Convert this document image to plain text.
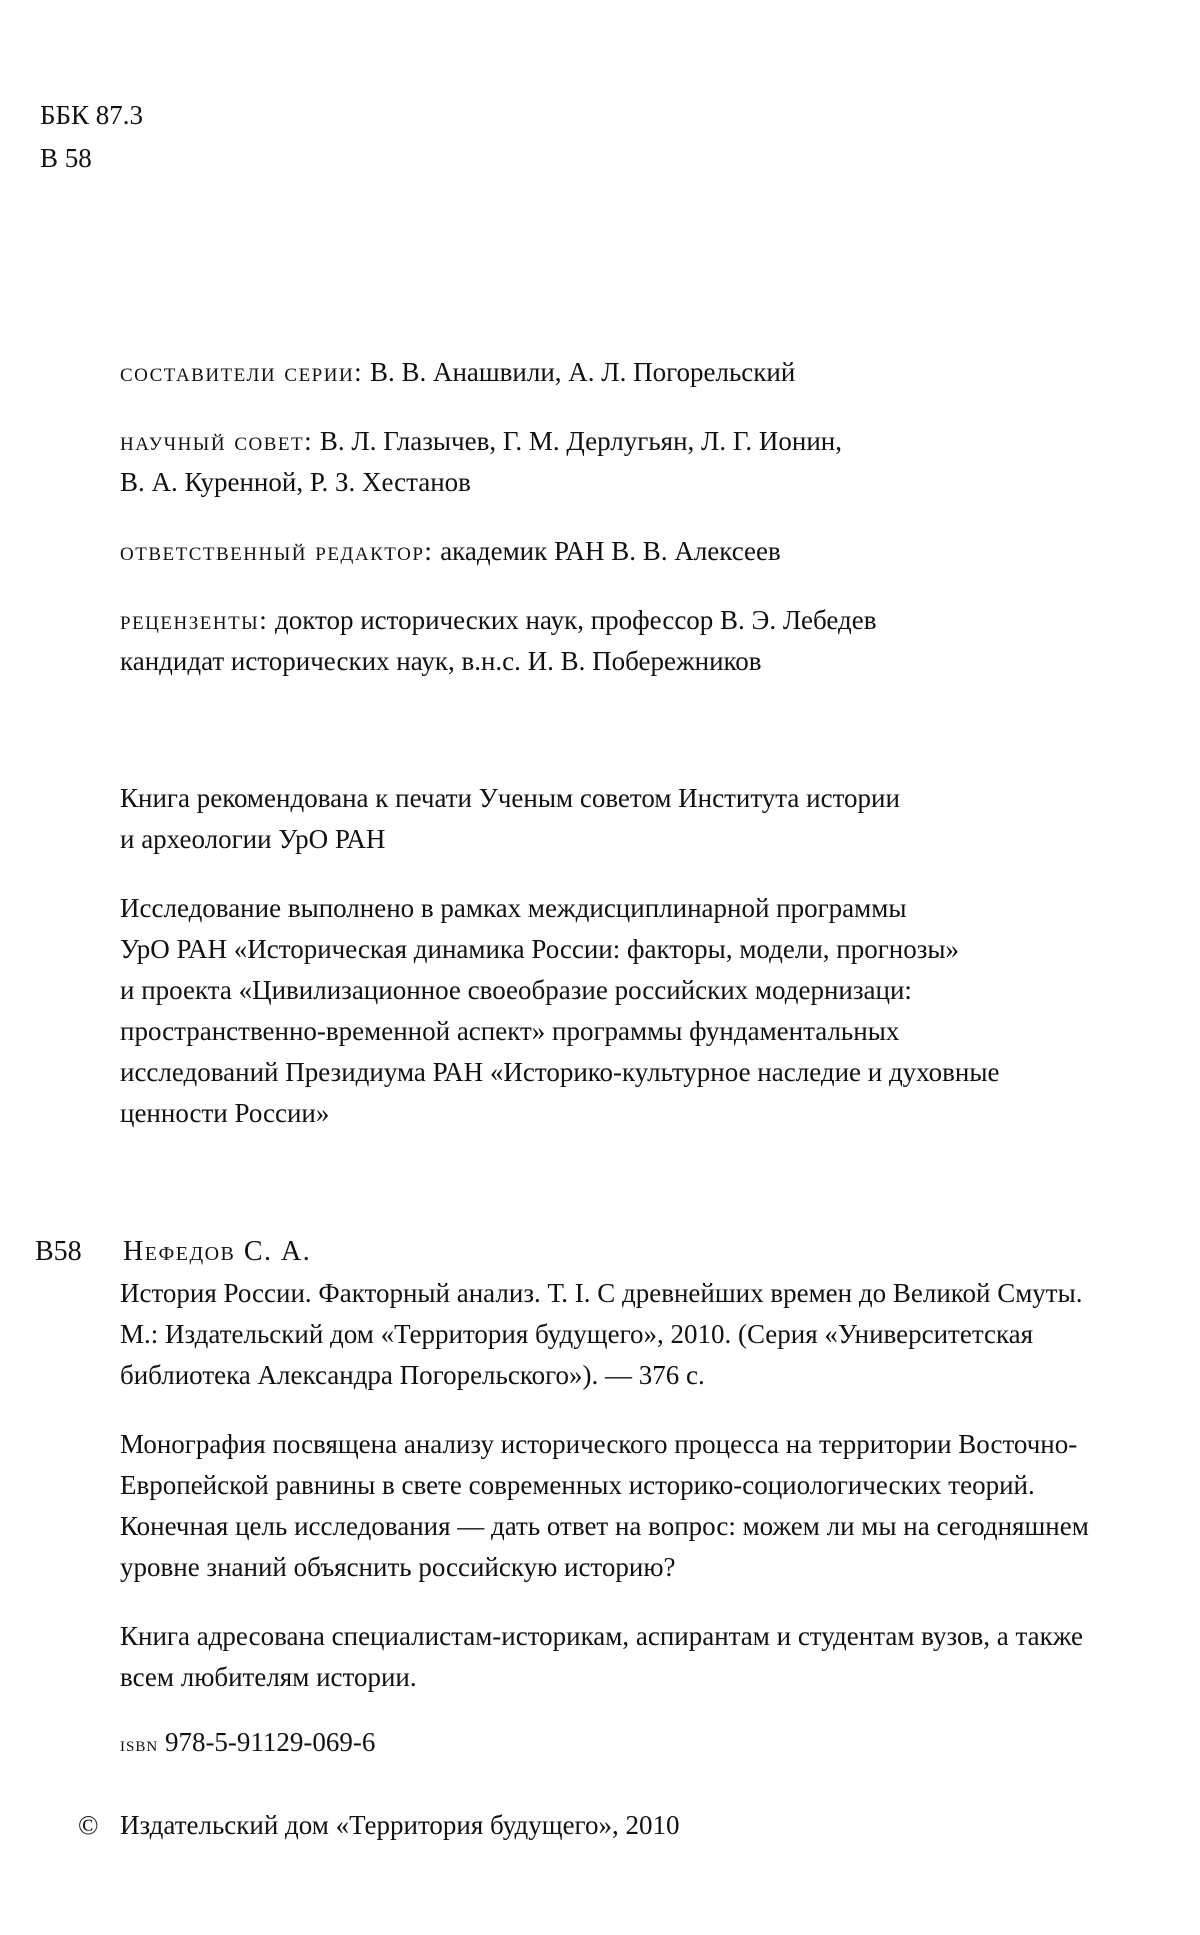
ББК 87.3
В 58
составители серии: В. В. Анашвили, А. Л. Погорельский
научный совет: В. Л. Глазычев, Г. М. Дерлугьян, Л. Г. Ионин,
В. А. Куренной, Р. З. Хестанов
ответственный редактор: академик РАН В. В. Алексеев
рецензенты: доктор исторических наук, профессор В. Э. Лебедев
кандидат исторических наук, в.н.с. И. В. Побережников
Книга рекомендована к печати Ученым советом Института истории
и археологии УрО РАН
Исследование выполнено в рамках междисциплинарной программы
УрО РАН «Историческая динамика России: факторы, модели, прогнозы»
и проекта «Цивилизационное своеобразие российских модернизаци:
пространственно-временной аспект» программы фундаментальных
исследований Президиума РАН «Историко-культурное наследие и духовные
ценности России»
В58 Нефедов С. А.
История России. Факторный анализ. Т. I. С древнейших времен до Великой Смуты.
М.: Издательский дом «Территория будущего», 2010. (Серия «Университетская
библиотека Александра Погорельского»). — 376 с.
Монография посвящена анализу исторического процесса на территории Восточно-
Европейской равнины в свете современных историко-социологических теорий.
Конечная цель исследования — дать ответ на вопрос: можем ли мы на сегодняшнем
уровне знаний объяснить российскую историю?
Книга адресована специалистам-историкам, аспирантам и студентам вузов, а также
всем любителям истории.
isbn 978-5-91129-069-6
© Издательский дом «Территория будущего», 2010
